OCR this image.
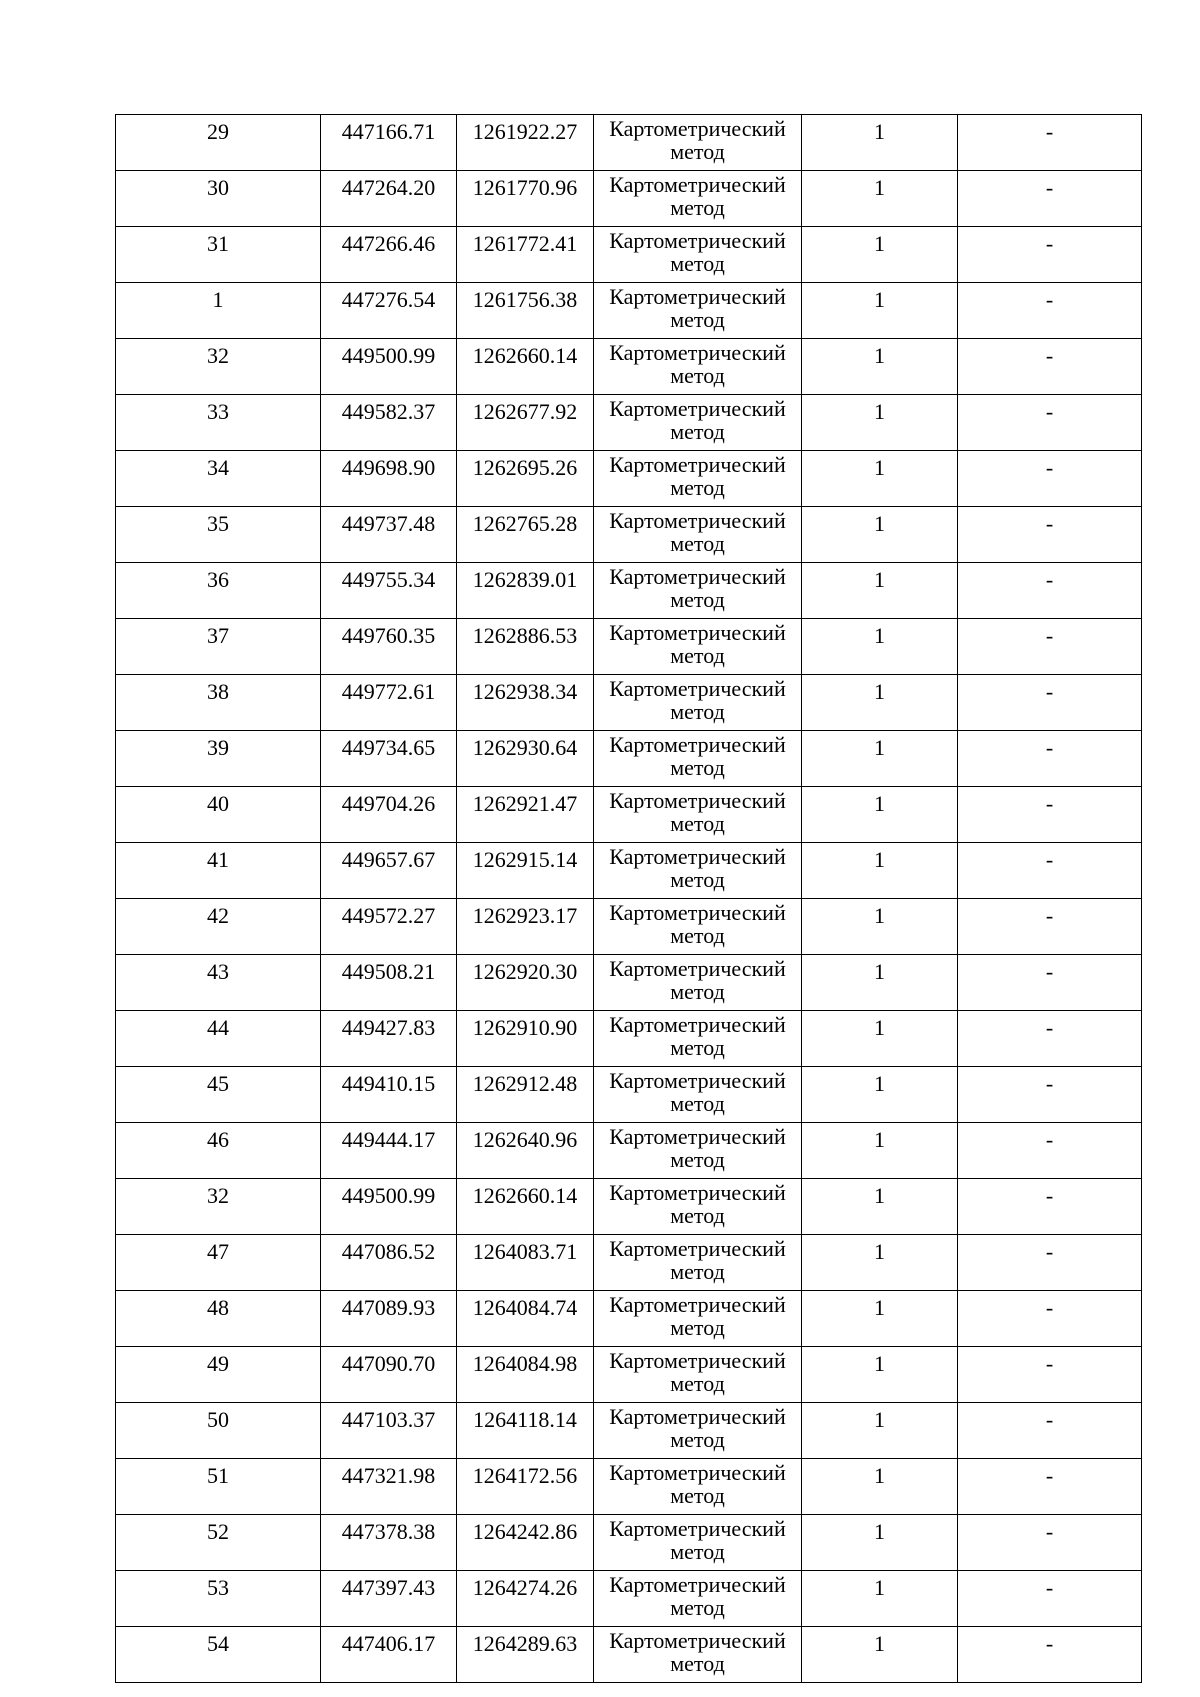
29	447166.71	1261922.27	Картометрический метод	1	-
30	447264.20	1261770.96	Картометрический метод	1	-
31	447266.46	1261772.41	Картометрический метод	1	-
1	447276.54	1261756.38	Картометрический метод	1	-
32	449500.99	1262660.14	Картометрический метод	1	-
33	449582.37	1262677.92	Картометрический метод	1	-
34	449698.90	1262695.26	Картометрический метод	1	-
35	449737.48	1262765.28	Картометрический метод	1	-
36	449755.34	1262839.01	Картометрический метод	1	-
37	449760.35	1262886.53	Картометрический метод	1	-
38	449772.61	1262938.34	Картометрический метод	1	-
39	449734.65	1262930.64	Картометрический метод	1	-
40	449704.26	1262921.47	Картометрический метод	1	-
41	449657.67	1262915.14	Картометрический метод	1	-
42	449572.27	1262923.17	Картометрический метод	1	-
43	449508.21	1262920.30	Картометрический метод	1	-
44	449427.83	1262910.90	Картометрический метод	1	-
45	449410.15	1262912.48	Картометрический метод	1	-
46	449444.17	1262640.96	Картометрический метод	1	-
32	449500.99	1262660.14	Картометрический метод	1	-
47	447086.52	1264083.71	Картометрический метод	1	-
48	447089.93	1264084.74	Картометрический метод	1	-
49	447090.70	1264084.98	Картометрический метод	1	-
50	447103.37	1264118.14	Картометрический метод	1	-
51	447321.98	1264172.56	Картометрический метод	1	-
52	447378.38	1264242.86	Картометрический метод	1	-
53	447397.43	1264274.26	Картометрический метод	1	-
54	447406.17	1264289.63	Картометрический метод	1	-
